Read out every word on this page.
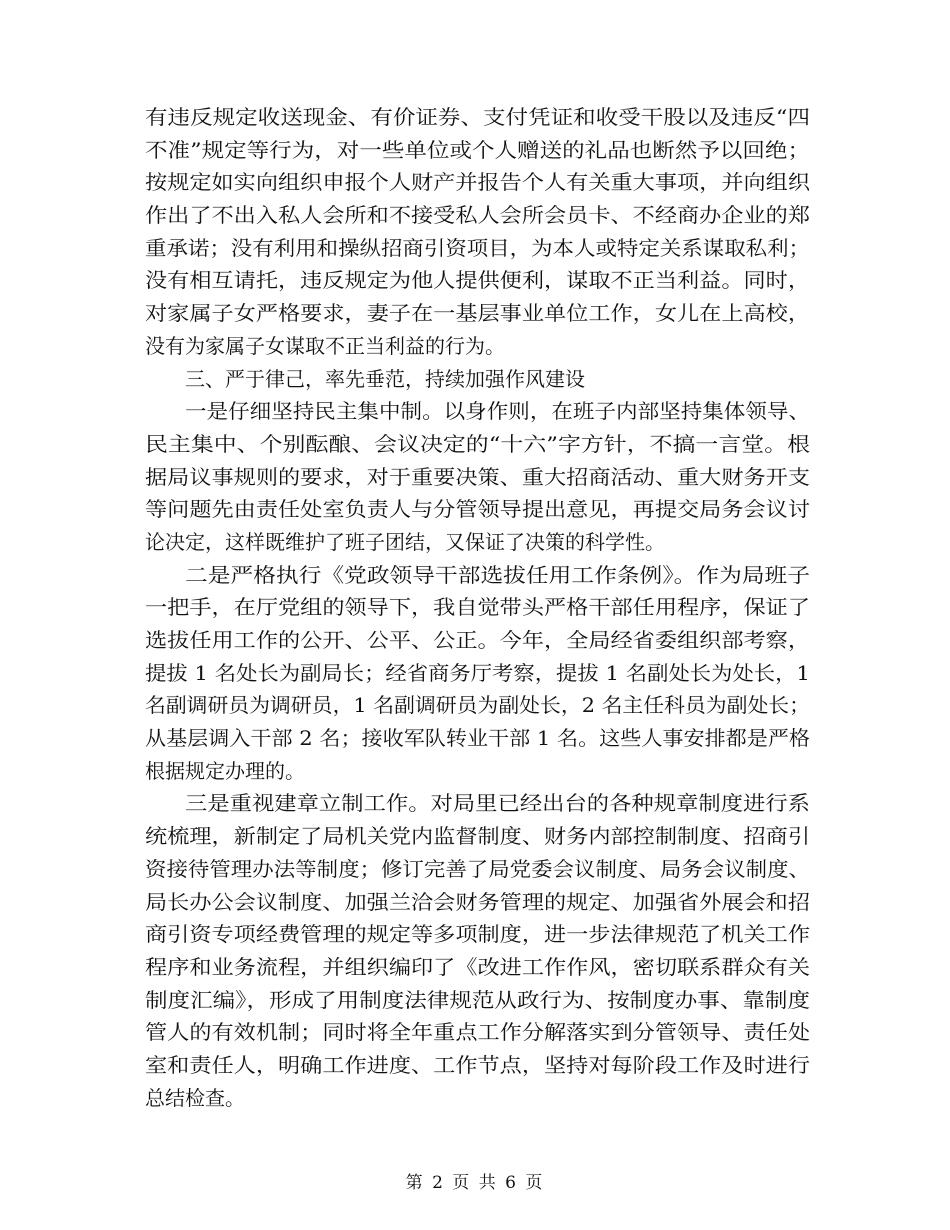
有违反规定收送现金、有价证券、支付凭证和收受干股以及违反“四
不准”规定等行为，对一些单位或个人赠送的礼品也断然予以回绝；
按规定如实向组织申报个人财产并报告个人有关重大事项，并向组织
作出了不出入私人会所和不接受私人会所会员卡、不经商办企业的郑
重承诺；没有利用和操纵招商引资项目，为本人或特定关系谋取私利；
没有相互请托，违反规定为他人提供便利，谋取不正当利益。同时，
对家属子女严格要求，妻子在一基层事业单位工作，女儿在上高校，
没有为家属子女谋取不正当利益的行为。
三、严于律己，率先垂范，持续加强作风建设
一是仔细坚持民主集中制。以身作则，在班子内部坚持集体领导、
民主集中、个别酝酿、会议决定的“十六”字方针，不搞一言堂。根
据局议事规则的要求，对于重要决策、重大招商活动、重大财务开支
等问题先由责任处室负责人与分管领导提出意见，再提交局务会议讨
论决定，这样既维护了班子团结，又保证了决策的科学性。
二是严格执行《党政领导干部选拔任用工作条例》。作为局班子
一把手，在厅党组的领导下，我自觉带头严格干部任用程序，保证了
选拔任用工作的公开、公平、公正。今年，全局经省委组织部考察，
提拔 1 名处长为副局长；经省商务厅考察，提拔 1 名副处长为处长，1
名副调研员为调研员，1 名副调研员为副处长，2 名主任科员为副处长；
从基层调入干部 2 名；接收军队转业干部 1 名。这些人事安排都是严格
根据规定办理的。
三是重视建章立制工作。对局里已经出台的各种规章制度进行系
统梳理，新制定了局机关党内监督制度、财务内部控制制度、招商引
资接待管理办法等制度；修订完善了局党委会议制度、局务会议制度、
局长办公会议制度、加强兰洽会财务管理的规定、加强省外展会和招
商引资专项经费管理的规定等多项制度，进一步法律规范了机关工作
程序和业务流程，并组织编印了《改进工作作风，密切联系群众有关
制度汇编》，形成了用制度法律规范从政行为、按制度办事、靠制度
管人的有效机制；同时将全年重点工作分解落实到分管领导、责任处
室和责任人，明确工作进度、工作节点，坚持对每阶段工作及时进行
总结检查。
第 2 页 共 6 页
